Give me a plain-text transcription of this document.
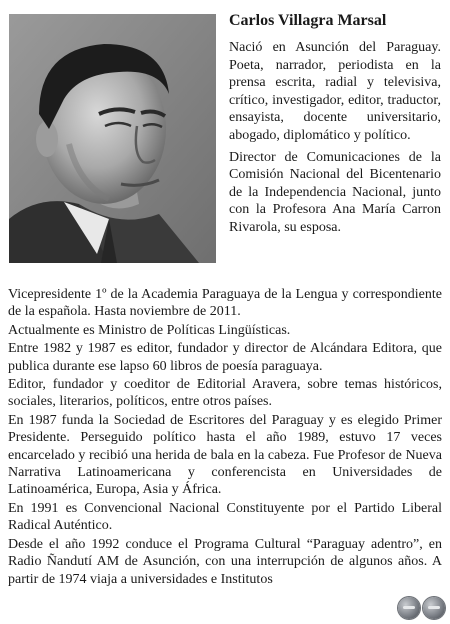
Carlos Villagra Marsal

Nació en Asunción del Paraguay. Poeta, narrador, periodista en la prensa escrita, radial y televisiva, crítico, investigador, editor, traductor, ensayista, docente universitario, abogado, diplomático y político.

Director de Comunicaciones de la Comisión Nacional del Bicentenario de la Independencia Nacional, junto con la Profesora Ana María Carron Rivarola, su esposa.

Vicepresidente 1º de la Academia Paraguaya de la Lengua y correspondiente de la española. Hasta noviembre de 2011.

Actualmente es Ministro de Políticas Lingüísticas.

Entre 1982 y 1987 es editor, fundador y director de Alcándara Editora, que publica durante ese lapso 60 libros de poesía paraguaya.

Editor, fundador y coeditor de Editorial Aravera, sobre temas históricos, sociales, literarios, políticos, entre otros países.

En 1987 funda la Sociedad de Escritores del Paraguay y es elegido Primer Presidente. Perseguido político hasta el año 1989, estuvo 17 veces encarcelado y recibió una herida de bala en la cabeza. Fue Profesor de Nueva Narrativa Latinoamericana y conferencista en Universidades de Latinoamérica, Europa, Asia y África.

En 1991 es Convencional Nacional Constituyente por el Partido Liberal Radical Auténtico.

Desde el año 1992 conduce el Programa Cultural “Paraguay adentro”, en Radio Ñandutí AM de Asunción, con una interrupción de algunos años. A partir de 1974 viaja a universidades e Institutos
